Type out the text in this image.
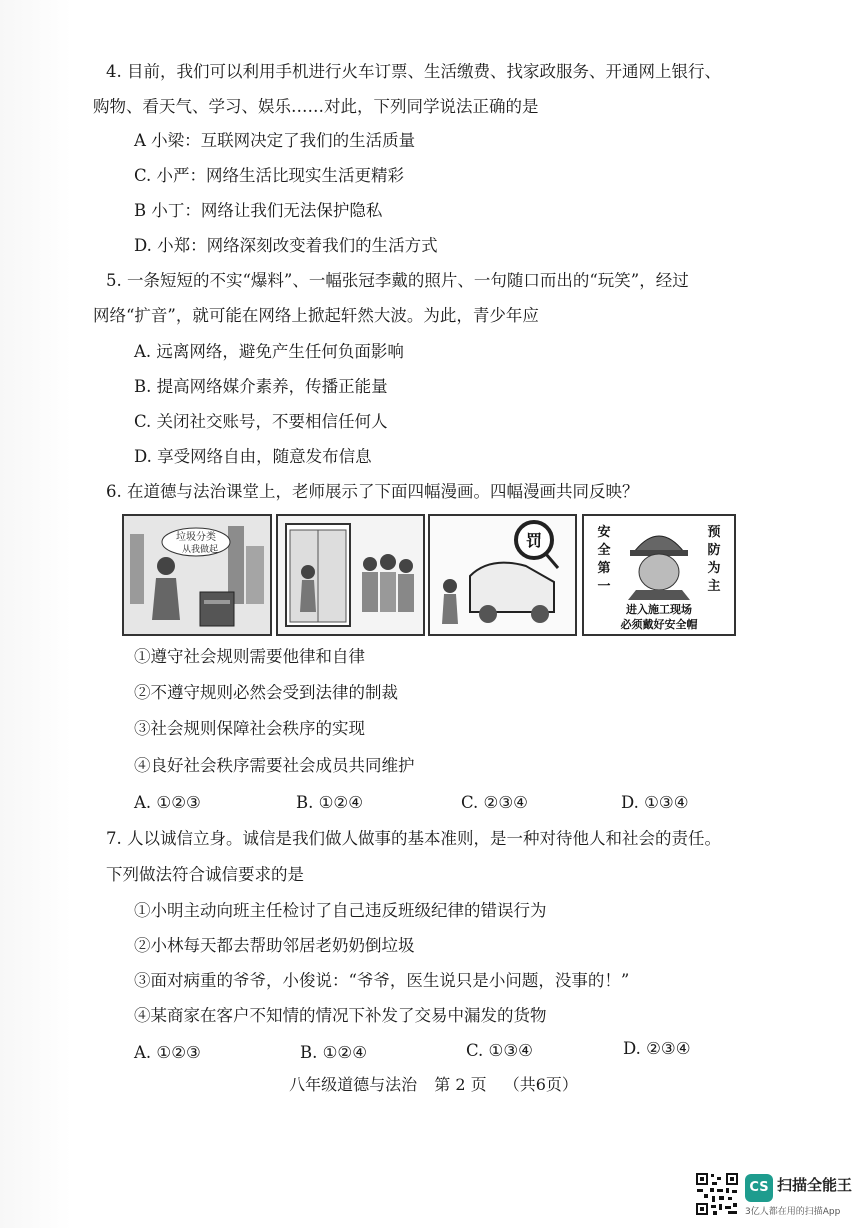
4. 目前，我们可以利用手机进行火车订票、生活缴费、找家政服务、开通网上银行、
购物、看天气、学习、娱乐……对此，下列同学说法正确的是
A 小梁：互联网决定了我们的生活质量
C. 小严：网络生活比现实生活更精彩
B 小丁：网络让我们无法保护隐私
D. 小郑：网络深刻改变着我们的生活方式
5. 一条短短的不实“爆料”、一幅张冠李戴的照片、一句随口而出的“玩笑”，经过
网络“扩音”，就可能在网络上掀起轩然大波。为此，青少年应
A. 远离网络，避免产生任何负面影响
B. 提高网络媒介素养，传播正能量
C. 关闭社交账号，不要相信任何人
D. 享受网络自由，随意发布信息
6. 在道德与法治课堂上，老师展示了下面四幅漫画。四幅漫画共同反映？
垃圾分类
从我做起	罚	安
全
第
一
预
防
为
主
进入施工现场
必须戴好安全帽
①遵守社会规则需要他律和自律
②不遵守规则必然会受到法律的制裁
③社会规则保障社会秩序的实现
④良好社会秩序需要社会成员共同维护
A. ①②③	B. ①②④	C. ②③④	D. ①③④
7. 人以诚信立身。诚信是我们做人做事的基本准则，是一种对待他人和社会的责任。
下列做法符合诚信要求的是
①小明主动向班主任检讨了自己违反班级纪律的错误行为
②小林每天都去帮助邻居老奶奶倒垃圾
③面对病重的爷爷，小俊说：“爷爷，医生说只是小问题，没事的！”
④某商家在客户不知情的情况下补发了交易中漏发的货物
A. ①②③	B. ①②④	C. ①③④	D. ②③④
八年级道德与法治 第 2 页 （共6页）
CS 扫描全能王
3亿人都在用的扫描App
